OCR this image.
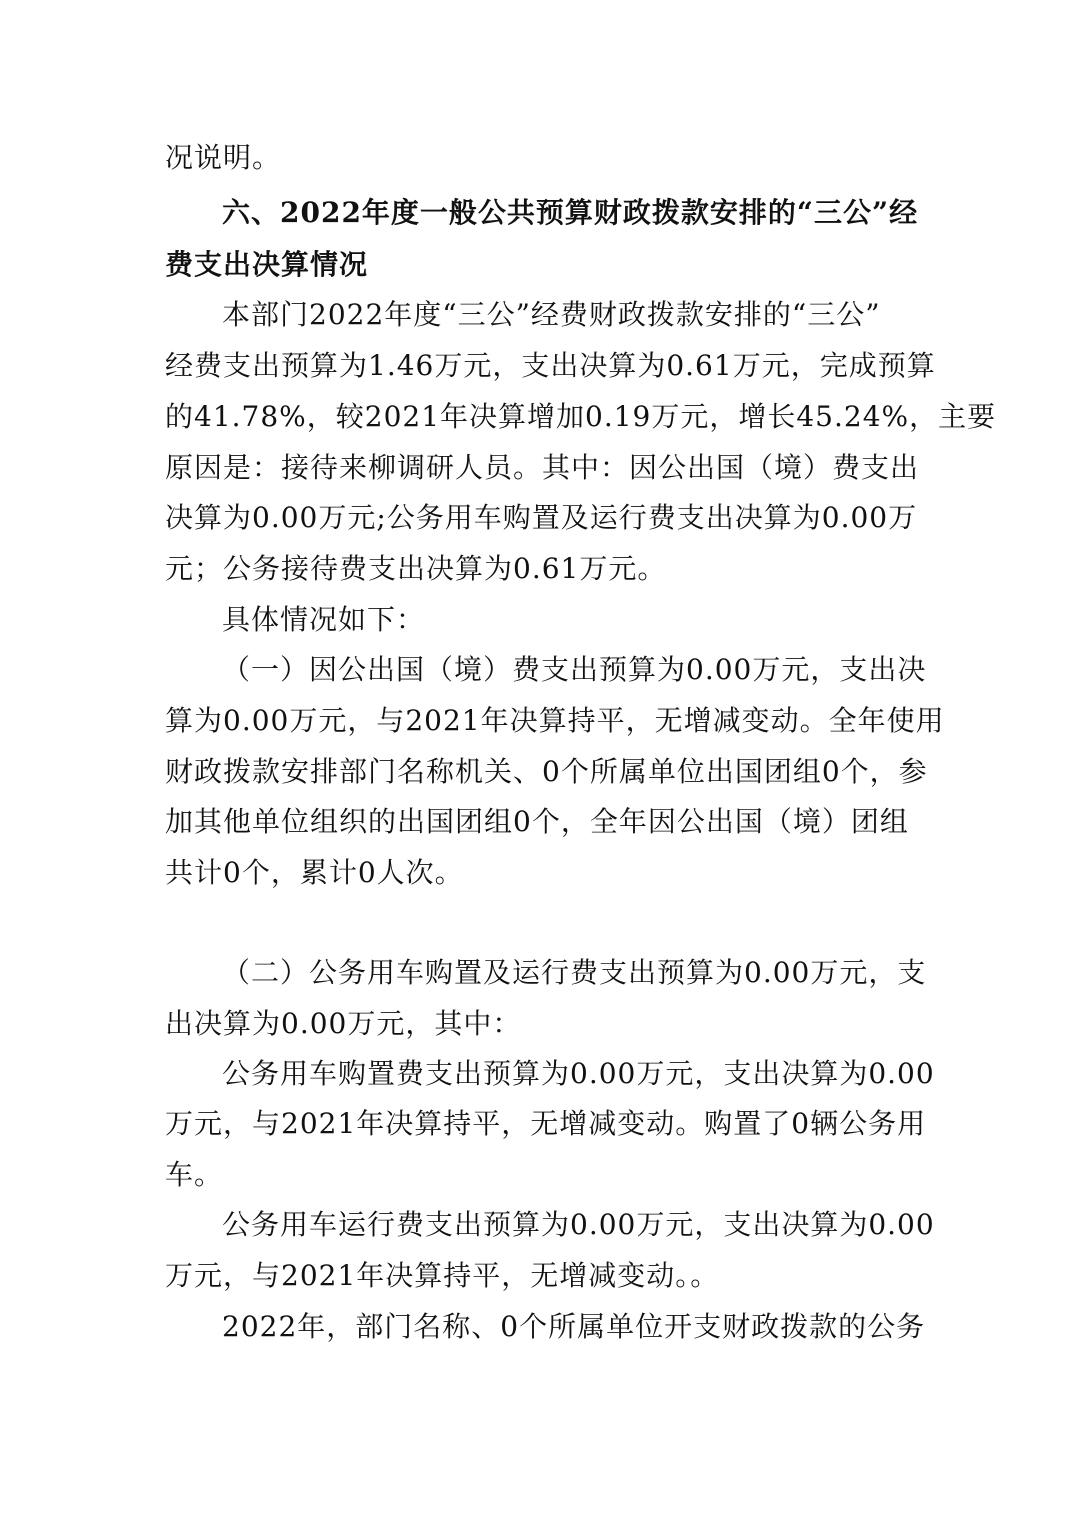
况说明。
六、2022年度一般公共预算财政拨款安排的“三公”经
费支出决算情况
本部门2022年度“三公”经费财政拨款安排的“三公”
经费支出预算为1.46万元，支出决算为0.61万元，完成预算
的41.78%，较2021年决算增加0.19万元，增长45.24%，主要
原因是：接待来柳调研人员。其中：因公出国（境）费支出
决算为0.00万元;公务用车购置及运行费支出决算为0.00万
元；公务接待费支出决算为0.61万元。
具体情况如下：
（一）因公出国（境）费支出预算为0.00万元，支出决
算为0.00万元，与2021年决算持平，无增减变动。全年使用
财政拨款安排部门名称机关、0个所属单位出国团组0个，参
加其他单位组织的出国团组0个，全年因公出国（境）团组
共计0个，累计0人次。
（二）公务用车购置及运行费支出预算为0.00万元，支
出决算为0.00万元，其中：
公务用车购置费支出预算为0.00万元，支出决算为0.00
万元，与2021年决算持平，无增减变动。购置了0辆公务用
车。
公务用车运行费支出预算为0.00万元，支出决算为0.00
万元，与2021年决算持平，无增减变动。。
2022年，部门名称、0个所属单位开支财政拨款的公务
